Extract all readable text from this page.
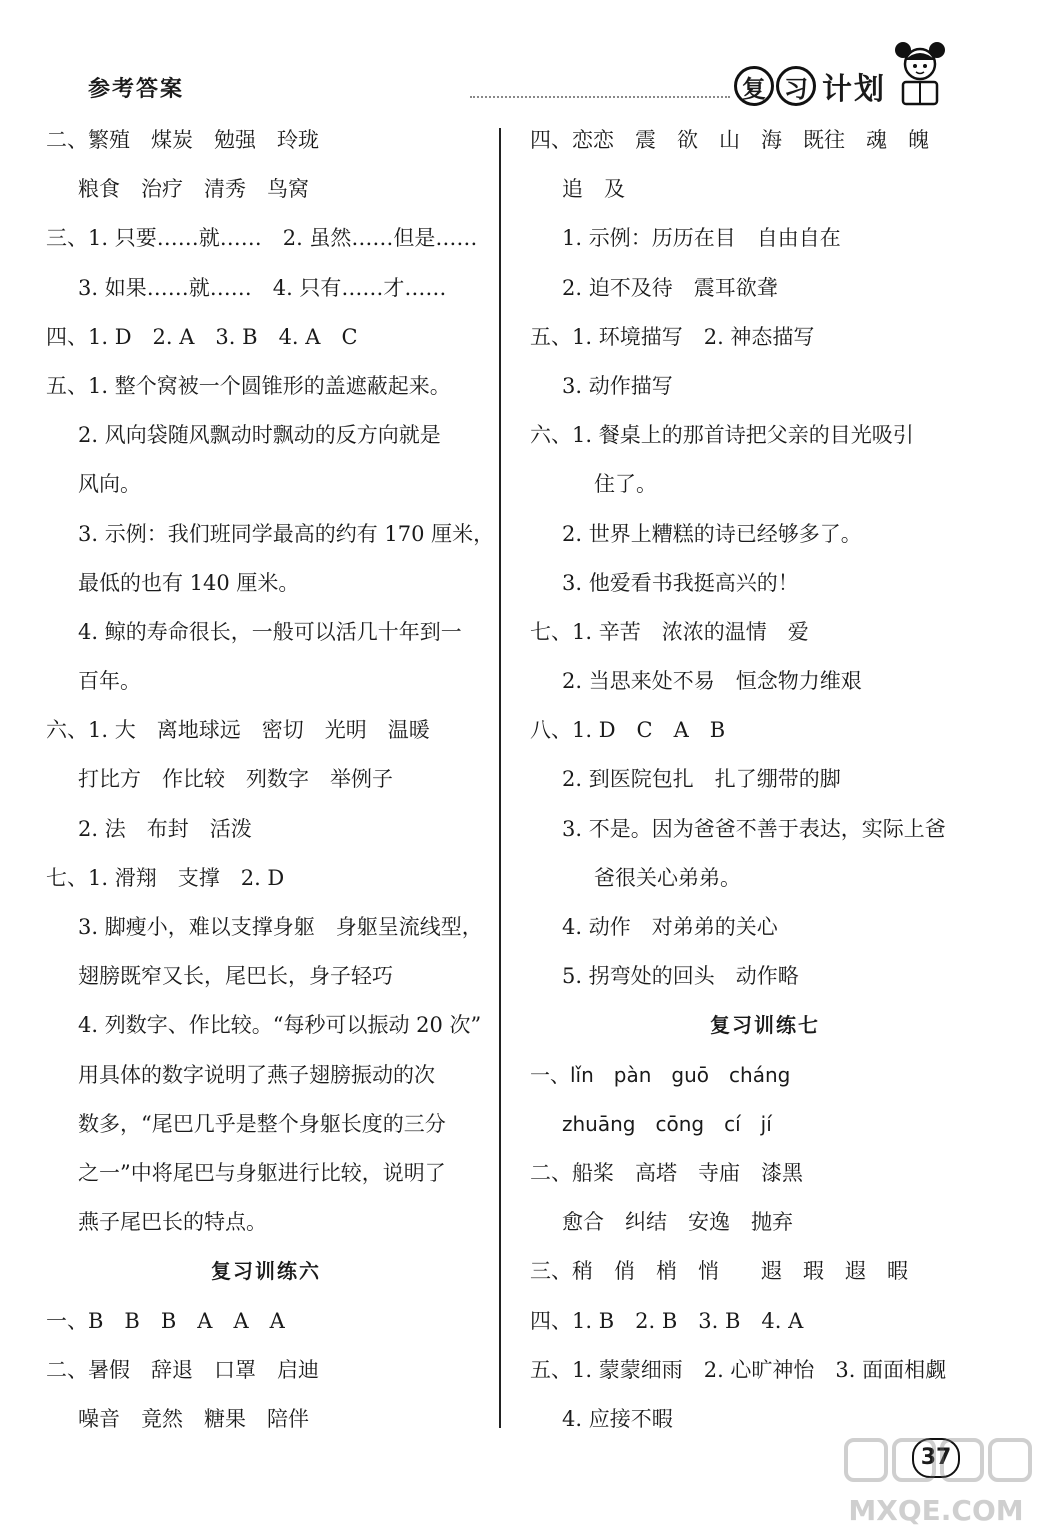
参考答案	复 习 计划
二、繁殖　煤炭　勉强　玲珑
粮食　治疗　清秀　鸟窝
三、1. 只要……就……　2. 虽然……但是……
3. 如果……就……　4. 只有……才……
四、1. D　2. A　3. B　4. A　C
五、1. 整个窝被一个圆锥形的盖遮蔽起来。
2. 风向袋随风飘动时飘动的反方向就是
风向。
3. 示例：我们班同学最高的约有 170 厘米，
最低的也有 140 厘米。
4. 鲸的寿命很长，一般可以活几十年到一
百年。
六、1. 大　离地球远　密切　光明　温暖
打比方　作比较　列数字　举例子
2. 法　布封　活泼
七、1. 滑翔　支撑　2. D
3. 脚瘦小，难以支撑身躯　身躯呈流线型，
翅膀既窄又长，尾巴长，身子轻巧
4. 列数字、作比较。“每秒可以振动 20 次”
用具体的数字说明了燕子翅膀振动的次
数多，“尾巴几乎是整个身躯长度的三分
之一”中将尾巴与身躯进行比较，说明了
燕子尾巴长的特点。
复习训练六
一、B　B　B　A　A　A
二、暑假　辞退　口罩　启迪
噪音　竟然　糖果　陪伴
四、恋恋　震　欲　山　海　既往　魂　魄
追　及
1. 示例：历历在目　自由自在
2. 迫不及待　震耳欲聋
五、1. 环境描写　2. 神态描写
3. 动作描写
六、1. 餐桌上的那首诗把父亲的目光吸引
住了。
2. 世界上糟糕的诗已经够多了。
3. 他爱看书我挺高兴的！
七、1. 辛苦　浓浓的温情　爱
2. 当思来处不易　恒念物力维艰
八、1. D　C　A　B
2. 到医院包扎　扎了绷带的脚
3. 不是。因为爸爸不善于表达，实际上爸
爸很关心弟弟。
4. 动作　对弟弟的关心
5. 拐弯处的回头　动作略
复习训练七
一、lǐn　pàn　guō　cháng
zhuāng　cōng　cí　jí
二、船桨　高塔　寺庙　漆黑
愈合　纠结　安逸　抛弃
三、稍　俏　梢　悄　　遐　瑕　遐　暇
四、1. B　2. B　3. B　4. A
五、1. 蒙蒙细雨　2. 心旷神怡　3. 面面相觑
4. 应接不暇
37
MXQE.COM
